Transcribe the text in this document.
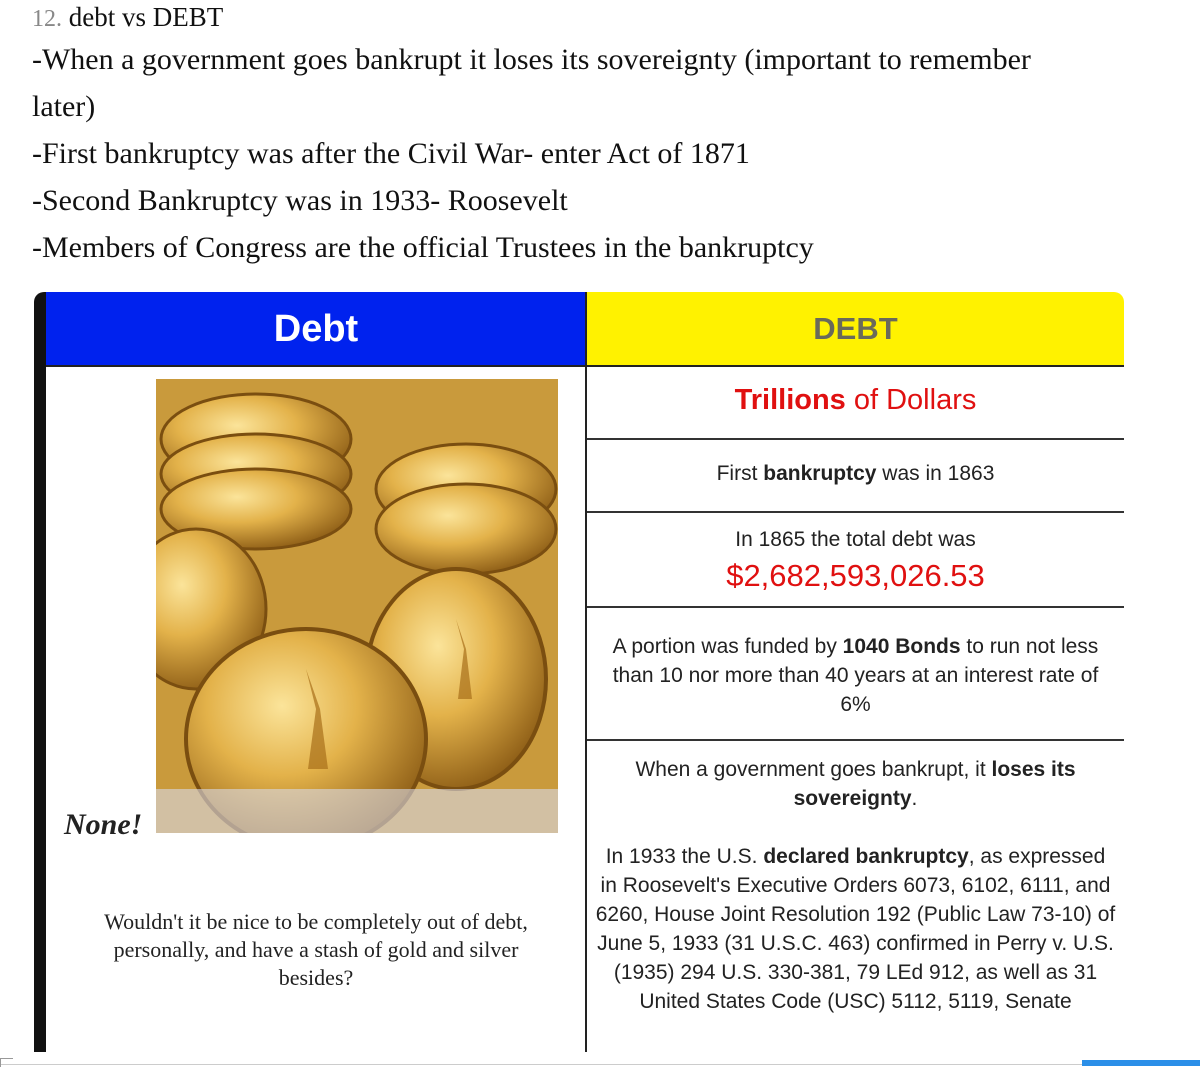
12. debt vs DEBT
-When a government goes bankrupt it loses its sovereignty (important to remember
later)
-First bankruptcy was after the Civil War- enter Act of 1871
-Second Bankruptcy was in 1933- Roosevelt
-Members of Congress are the official Trustees in the bankruptcy
Debt	DEBT
None!
Wouldn't it be nice to be completely out of debt, personally, and have a stash of gold and silver besides?
Trillions of Dollars
First bankruptcy was in 1863
In 1865 the total debt was
$2,682,593,026.53
A portion was funded by 1040 Bonds to run not less than 10 nor more than 40 years at an interest rate of 6%
When a government goes bankrupt, it loses its sovereignty.
In 1933 the U.S. declared bankruptcy, as expressed in Roosevelt's Executive Orders 6073, 6102, 6111, and 6260, House Joint Resolution 192 (Public Law 73-10) of June 5, 1933 (31 U.S.C. 463) confirmed in Perry v. U.S. (1935) 294 U.S. 330-381, 79 LEd 912, as well as 31 United States Code (USC) 5112, 5119, Senate
